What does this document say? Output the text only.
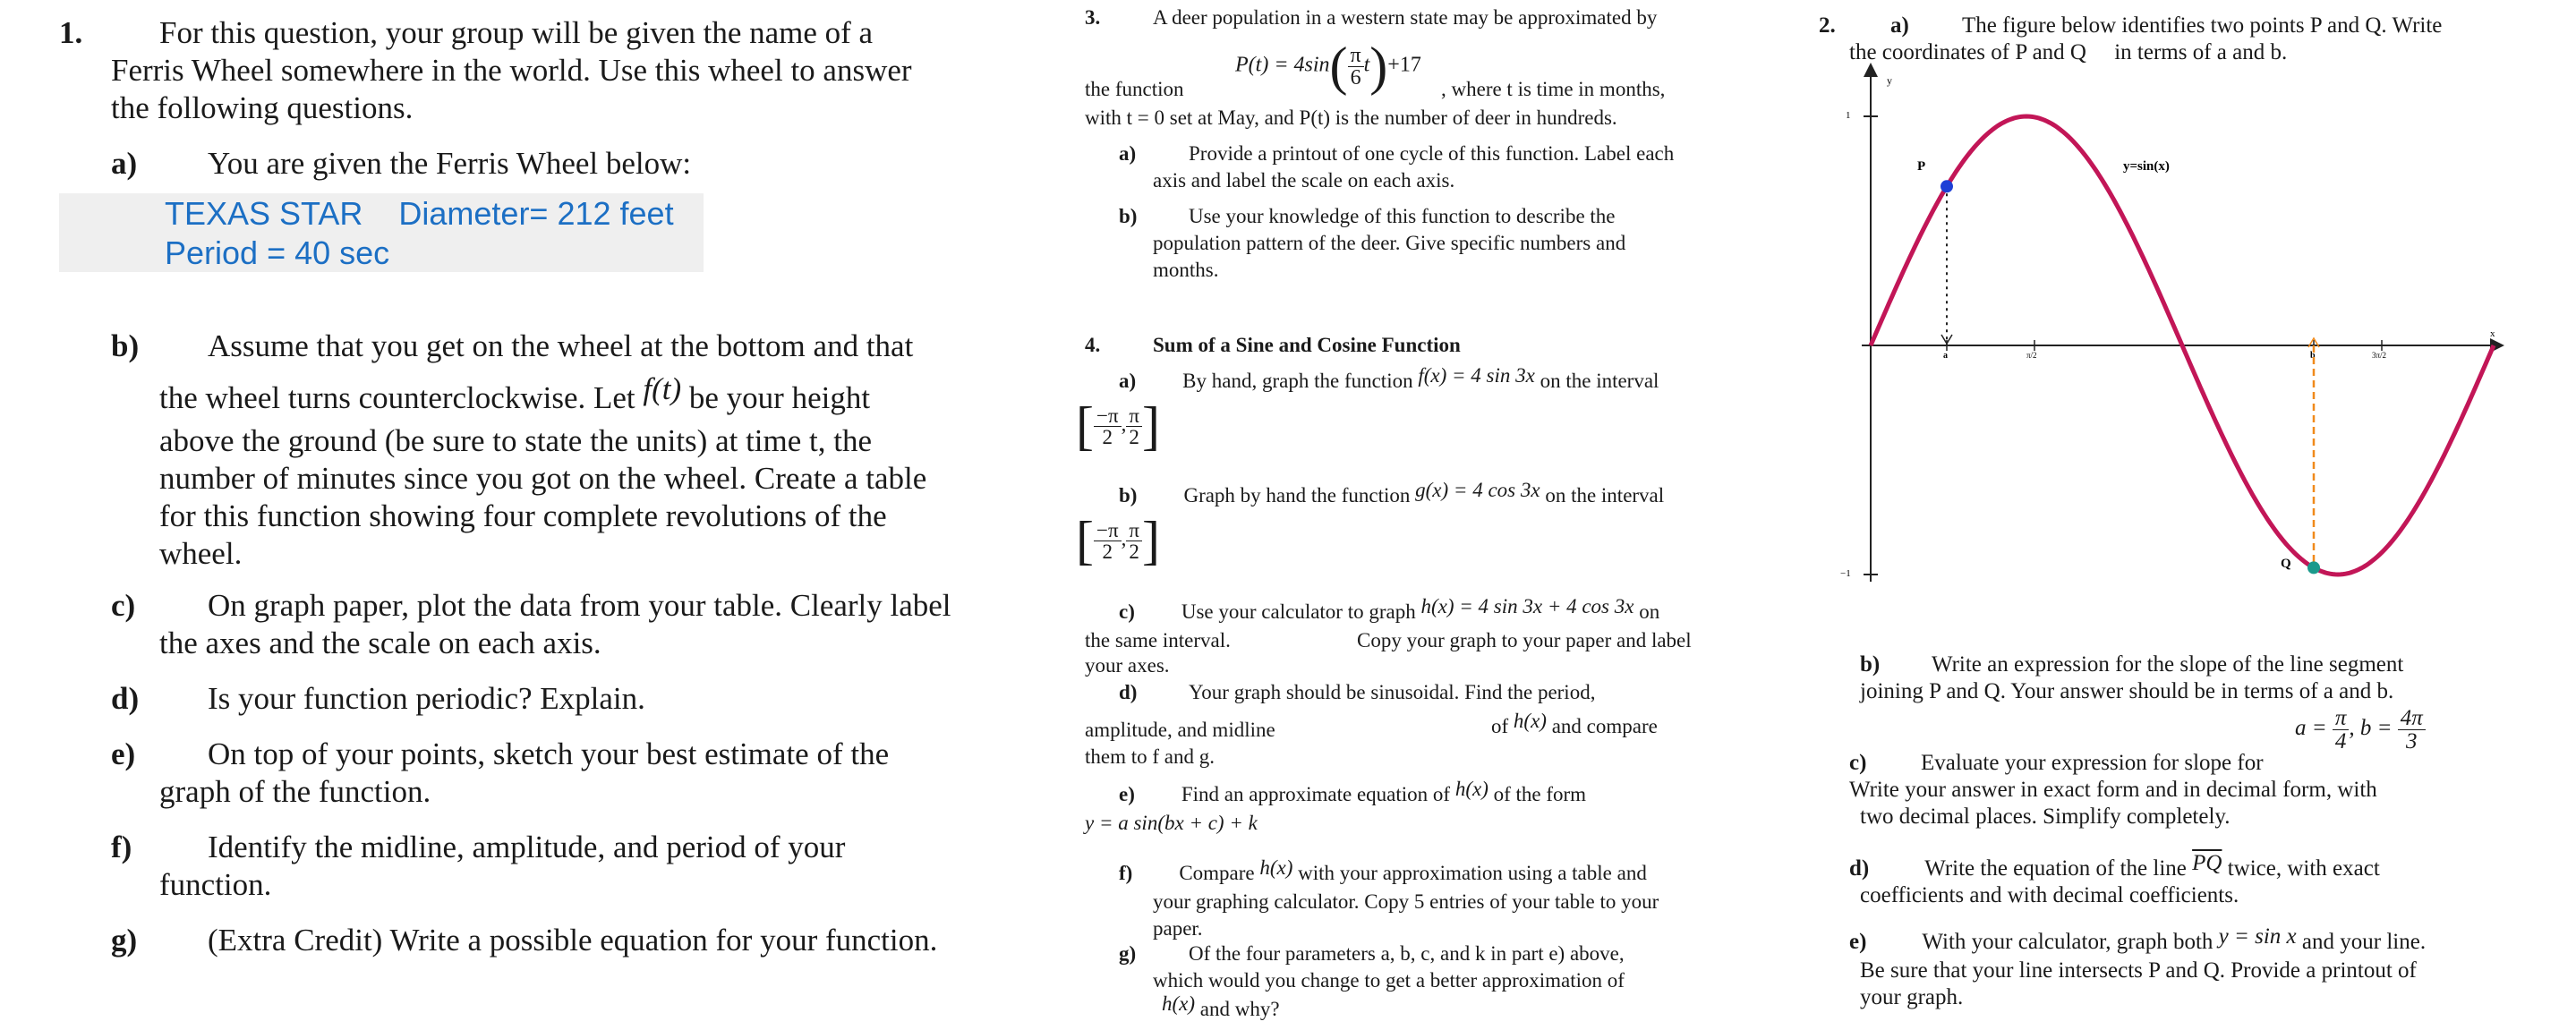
1. For this question, your group will be given the name of a
Ferris Wheel somewhere in the world. Use this wheel to answer
the following questions.
a) You are given the Ferris Wheel below:
TEXAS STAR    Diameter= 212 feet
Period = 40 sec
b) Assume that you get on the wheel at the bottom and that
the wheel turns counterclockwise. Let f(t) be your height
above the ground (be sure to state the units) at time t, the
number of minutes since you got on the wheel. Create a table
for this function showing four complete revolutions of the
wheel.
c) On graph paper, plot the data from your table. Clearly label
the axes and the scale on each axis.
d) Is your function periodic? Explain.
e) On top of your points, sketch your best estimate of the
graph of the function.
f) Identify the midline, amplitude, and period of your
function.
g) (Extra Credit) Write a possible equation for your function.
3.	A deer population in a western state may be approximated by
$P(t) = 4\sin( \frac{\pi}{6} t)+17$
the function	, where t is time in months,
with t = 0 set at May, and P(t) is the number of deer in hundreds.
a)	Provide a printout of one cycle of this function. Label each
axis and label the scale on each axis.
b)	Use your knowledge of this function to describe the
population pattern of the deer. Give specific numbers and
months.
4.	Sum of a Sine and Cosine Function
a) By hand, graph the function f(x) = 4 sin 3x on the interval
[ $\frac{-\pi}{2}$ , $\frac{\pi}{2}$ ]
b) Graph by hand the function g(x) = 4 cos 3x on the interval
[ $\frac{-\pi}{2}$ , $\frac{\pi}{2}$ ]
c) Use your calculator to graph h(x) = 4 sin 3x + 4 cos 3x on
the same interval.	Copy your graph to your paper and label
your axes.
d)	Your graph should be sinusoidal. Find the period,
amplitude, and midline	of h(x) and compare
them to f and g.
e) Find an approximate equation of h(x) of the form
y = a sin(bx + c) + k
f) Compare h(x) with your approximation using a table and
your graphing calculator. Copy 5 entries of your table to your
paper.
g)	Of the four parameters a, b, c, and k in part e) above,
which would you change to get a better approximation of
h(x) and why?
2. a) The figure below identifies two points P and Q. Write
the coordinates of P and Q     in terms of a and b.
y
1
−1
x
a	π/2	b	3π/2
P
Q
y=sin(x)
b) Write an expression for the slope of the line segment
joining P and Q. Your answer should be in terms of a and b.
$a = \frac{\pi}{4}$ , $b = \frac{4\pi}{3}$
c) Evaluate your expression for slope for
Write your answer in exact form and in decimal form, with
two decimal places. Simplify completely.
d) Write the equation of the line $\overline{PQ}$ twice, with exact
coefficients and with decimal coefficients.
e) With your calculator, graph both y = sin x and your line.
Be sure that your line intersects P and Q. Provide a printout of
your graph.
